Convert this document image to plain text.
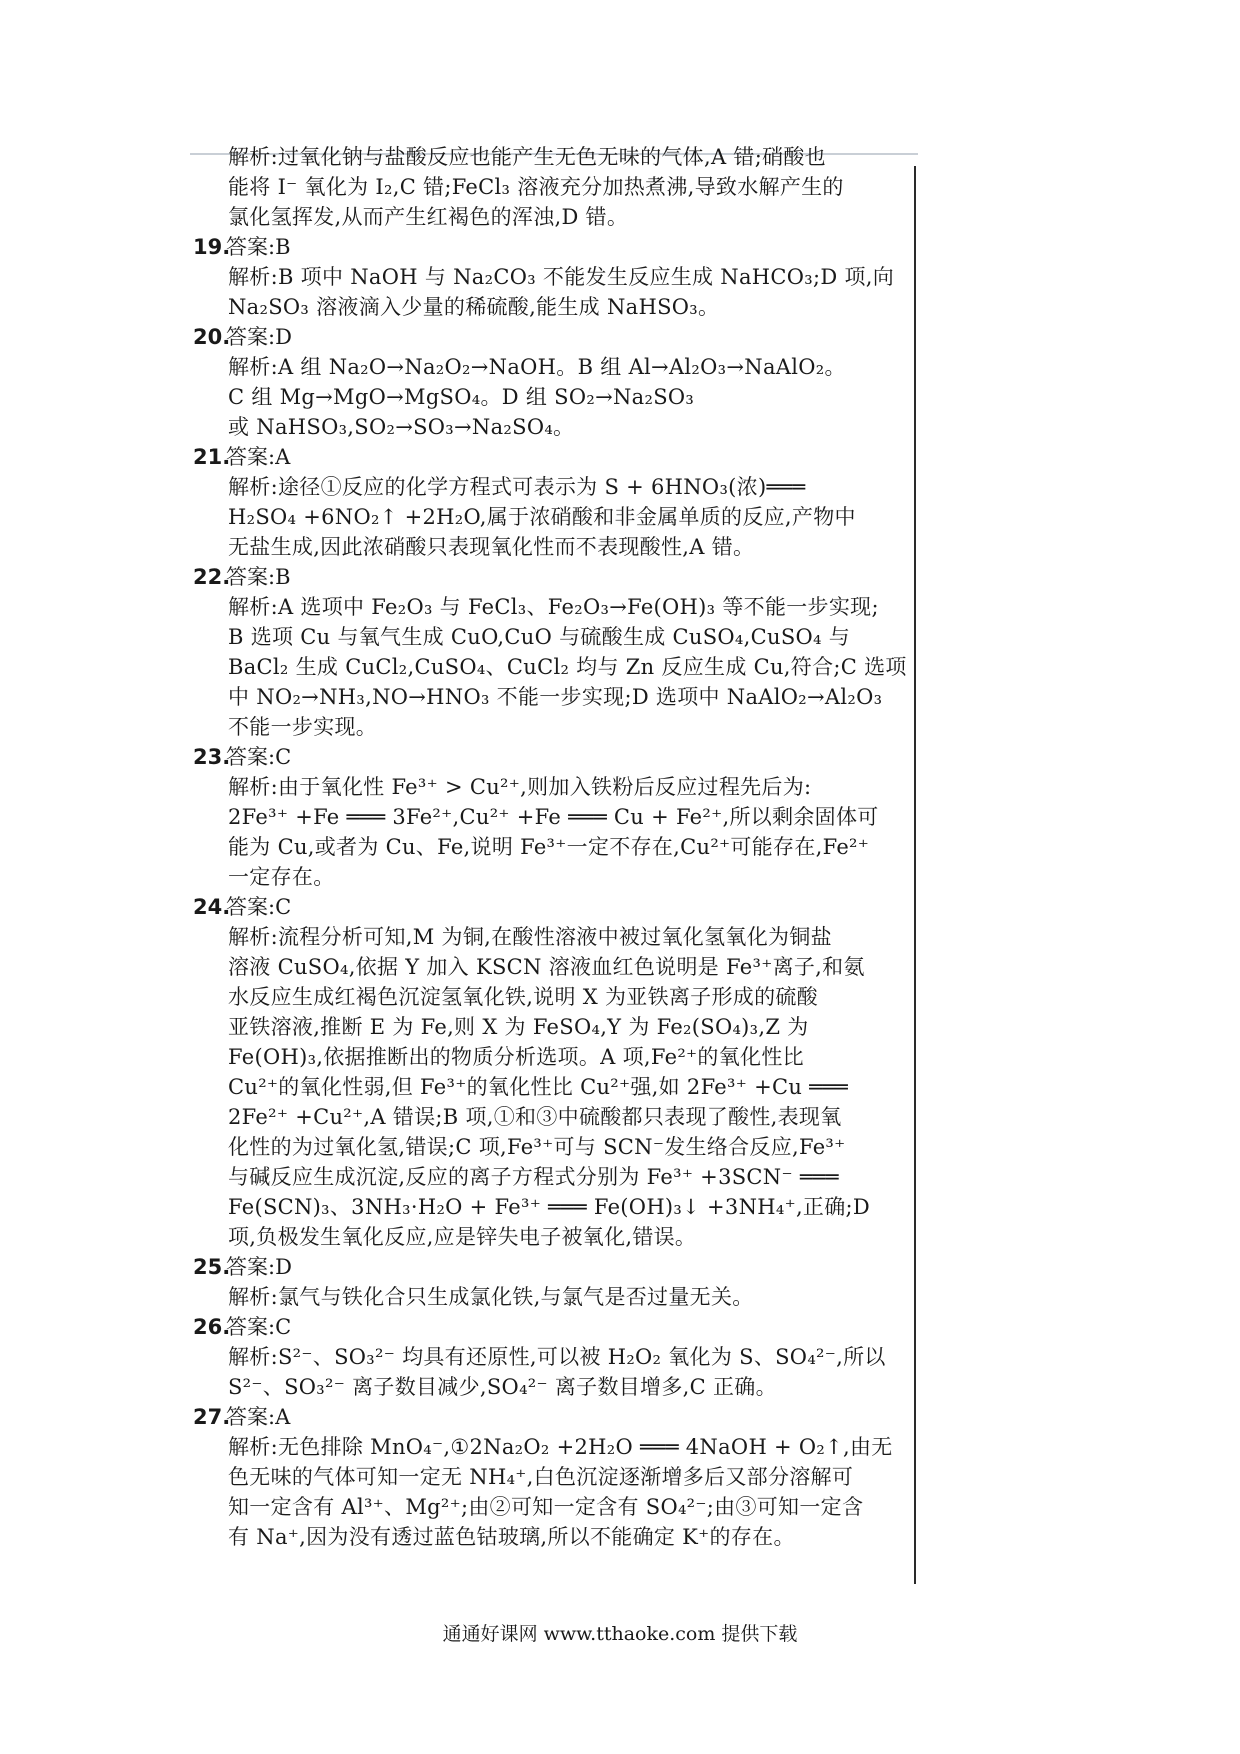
解析:过氧化钠与盐酸反应也能产生无色无味的气体,A 错;硝酸也
能将 I⁻ 氧化为 I₂,C 错;FeCl₃ 溶液充分加热煮沸,导致水解产生的
氯化氢挥发,从而产生红褐色的浑浊,D 错。
19.
答案:B
解析:B 项中 NaOH 与 Na₂CO₃ 不能发生反应生成 NaHCO₃;D 项,向
Na₂SO₃ 溶液滴入少量的稀硫酸,能生成 NaHSO₃。
20.
答案:D
解析:A 组 Na₂O→Na₂O₂→NaOH。B 组 Al→Al₂O₃→NaAlO₂。
C 组 Mg→MgO→MgSO₄。D 组 SO₂→Na₂SO₃
或 NaHSO₃,SO₂→SO₃→Na₂SO₄。
21.
答案:A
解析:途径①反应的化学方程式可表示为 S + 6HNO₃(浓)═══
H₂SO₄ +6NO₂↑ +2H₂O,属于浓硝酸和非金属单质的反应,产物中
无盐生成,因此浓硝酸只表现氧化性而不表现酸性,A 错。
22.
答案:B
解析:A 选项中 Fe₂O₃ 与 FeCl₃、Fe₂O₃→Fe(OH)₃ 等不能一步实现;
B 选项 Cu 与氧气生成 CuO,CuO 与硫酸生成 CuSO₄,CuSO₄ 与
BaCl₂ 生成 CuCl₂,CuSO₄、CuCl₂ 均与 Zn 反应生成 Cu,符合;C 选项
中 NO₂→NH₃,NO→HNO₃ 不能一步实现;D 选项中 NaAlO₂→Al₂O₃
不能一步实现。
23.
答案:C
解析:由于氧化性 Fe³⁺ > Cu²⁺,则加入铁粉后反应过程先后为:
2Fe³⁺ +Fe ═══ 3Fe²⁺,Cu²⁺ +Fe ═══ Cu + Fe²⁺,所以剩余固体可
能为 Cu,或者为 Cu、Fe,说明 Fe³⁺一定不存在,Cu²⁺可能存在,Fe²⁺
一定存在。
24.
答案:C
解析:流程分析可知,M 为铜,在酸性溶液中被过氧化氢氧化为铜盐
溶液 CuSO₄,依据 Y 加入 KSCN 溶液血红色说明是 Fe³⁺离子,和氨
水反应生成红褐色沉淀氢氧化铁,说明 X 为亚铁离子形成的硫酸
亚铁溶液,推断 E 为 Fe,则 X 为 FeSO₄,Y 为 Fe₂(SO₄)₃,Z 为
Fe(OH)₃,依据推断出的物质分析选项。A 项,Fe²⁺的氧化性比
Cu²⁺的氧化性弱,但 Fe³⁺的氧化性比 Cu²⁺强,如 2Fe³⁺ +Cu ═══
2Fe²⁺ +Cu²⁺,A 错误;B 项,①和③中硫酸都只表现了酸性,表现氧
化性的为过氧化氢,错误;C 项,Fe³⁺可与 SCN⁻发生络合反应,Fe³⁺
与碱反应生成沉淀,反应的离子方程式分别为 Fe³⁺ +3SCN⁻ ═══
Fe(SCN)₃、3NH₃·H₂O + Fe³⁺ ═══ Fe(OH)₃↓ +3NH₄⁺,正确;D
项,负极发生氧化反应,应是锌失电子被氧化,错误。
25.
答案:D
解析:氯气与铁化合只生成氯化铁,与氯气是否过量无关。
26.
答案:C
解析:S²⁻、SO₃²⁻ 均具有还原性,可以被 H₂O₂ 氧化为 S、SO₄²⁻,所以
S²⁻、SO₃²⁻ 离子数目减少,SO₄²⁻ 离子数目增多,C 正确。
27.
答案:A
解析:无色排除 MnO₄⁻,①2Na₂O₂ +2H₂O ═══ 4NaOH + O₂↑,由无
色无味的气体可知一定无 NH₄⁺,白色沉淀逐渐增多后又部分溶解可
知一定含有 Al³⁺、Mg²⁺;由②可知一定含有 SO₄²⁻;由③可知一定含
有 Na⁺,因为没有透过蓝色钴玻璃,所以不能确定 K⁺的存在。
通通好课网 www.tthaoke.com 提供下载
